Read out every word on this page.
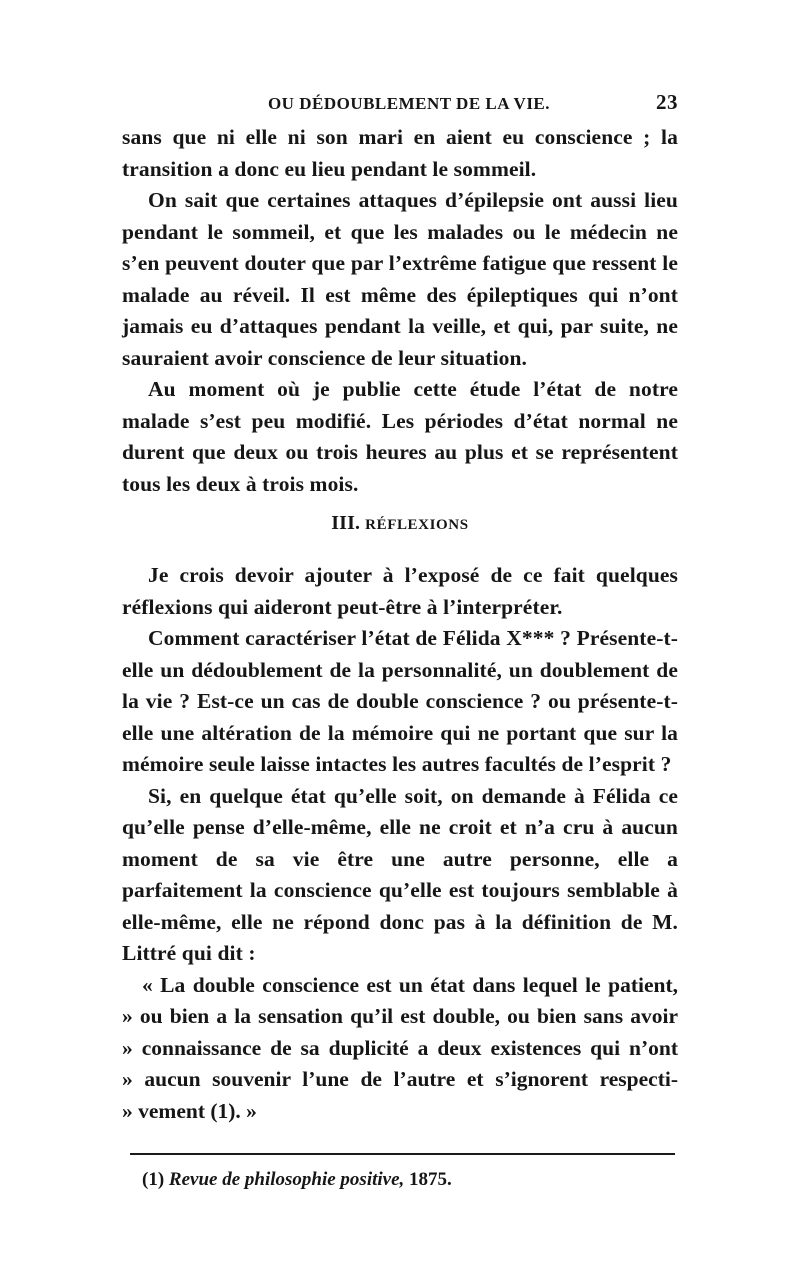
OU DÉDOUBLEMENT DE LA VIE.	23

sans que ni elle ni son mari en aient eu conscience ; la transition a donc eu lieu pendant le sommeil.

On sait que certaines attaques d’épilepsie ont aussi lieu pendant le sommeil, et que les malades ou le médecin ne s’en peuvent douter que par l’extrême fatigue que ressent le malade au réveil. Il est même des épileptiques qui n’ont jamais eu d’attaques pendant la veille, et qui, par suite, ne sauraient avoir conscience de leur situation.

Au moment où je publie cette étude l’état de notre malade s’est peu modifié. Les périodes d’état normal ne durent que deux ou trois heures au plus et se représentent tous les deux à trois mois.

III. RÉFLEXIONS

Je crois devoir ajouter à l’exposé de ce fait quelques réflexions qui aideront peut-être à l’interpréter.

Comment caractériser l’état de Félida X*** ? Présente-t-elle un dédoublement de la personnalité, un doublement de la vie ? Est-ce un cas de double conscience ? ou présente-t-elle une altération de la mémoire qui ne portant que sur la mémoire seule laisse intactes les autres facultés de l’esprit ?

Si, en quelque état qu’elle soit, on demande à Félida ce qu’elle pense d’elle-même, elle ne croit et n’a cru à aucun moment de sa vie être une autre personne, elle a parfaitement la conscience qu’elle est toujours semblable à elle-même, elle ne répond donc pas à la définition de M. Littré qui dit :

« La double conscience est un état dans lequel le patient,
» ou bien a la sensation qu’il est double, ou bien sans avoir
» connaissance de sa duplicité a deux existences qui n’ont
» aucun souvenir l’une de l’autre et s’ignorent respecti-
» vement (1). »
(1) Revue de philosophie positive, 1875.
